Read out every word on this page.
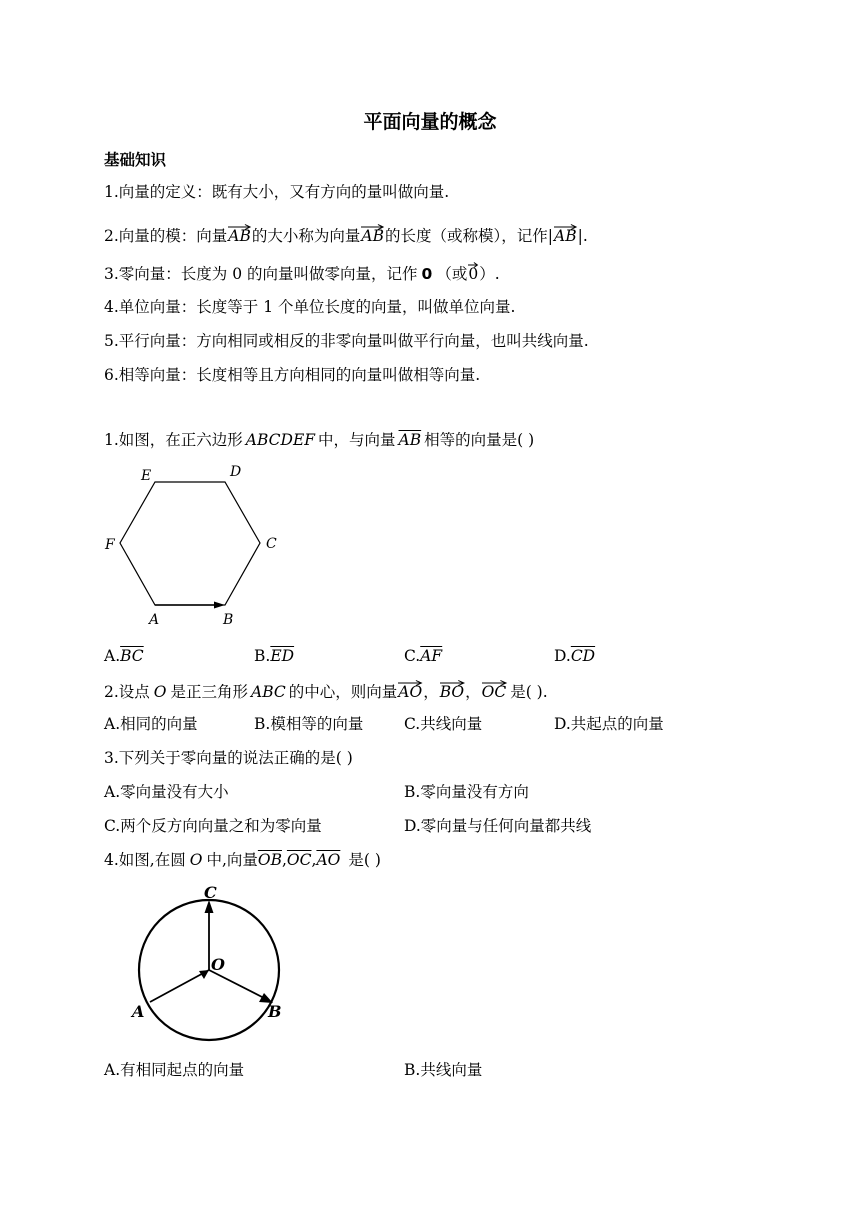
平面向量的概念
基础知识
1.向量的定义：既有大小，又有方向的量叫做向量.
2.向量的模：向量
AB的大小称为向量
AB的长度（或称模），记作|
AB|.
3.零向量：长度为 0 的向量叫做零向量，记作 0 （或
0）.
4.单位向量：长度等于 1 个单位长度的向量，叫做单位向量.
5.平行向量：方向相同或相反的非零向量叫做平行向量，也叫共线向量.
6.相等向量：长度相等且方向相同的向量叫做相等向量.
1.如图，在正六边形 ABCDEF 中，与向量 $\overline{AB}$ 相等的向量是( )
E	D
F	C
A	B
$A.\overline{BC}$	$B.\overline{ED}$	$C.\overline{AF}$	$D.\overline{CD}$
2.设点 O 是正三角形 ABC 的中心，则向量
AO，
BO，
OC 是( ).
A.相同的向量	B.模相等的向量	C.共线向量	D.共起点的向量
3.下列关于零向量的说法正确的是( )
A.零向量没有大小	B.零向量没有方向
C.两个反方向向量之和为零向量	D.零向量与任何向量都共线
4.如图,在圆 O 中,向量$\overline{OB},\overline{OC},\overline{AO}$ 是( )
C
O
A	B
A.有相同起点的向量	B.共线向量
